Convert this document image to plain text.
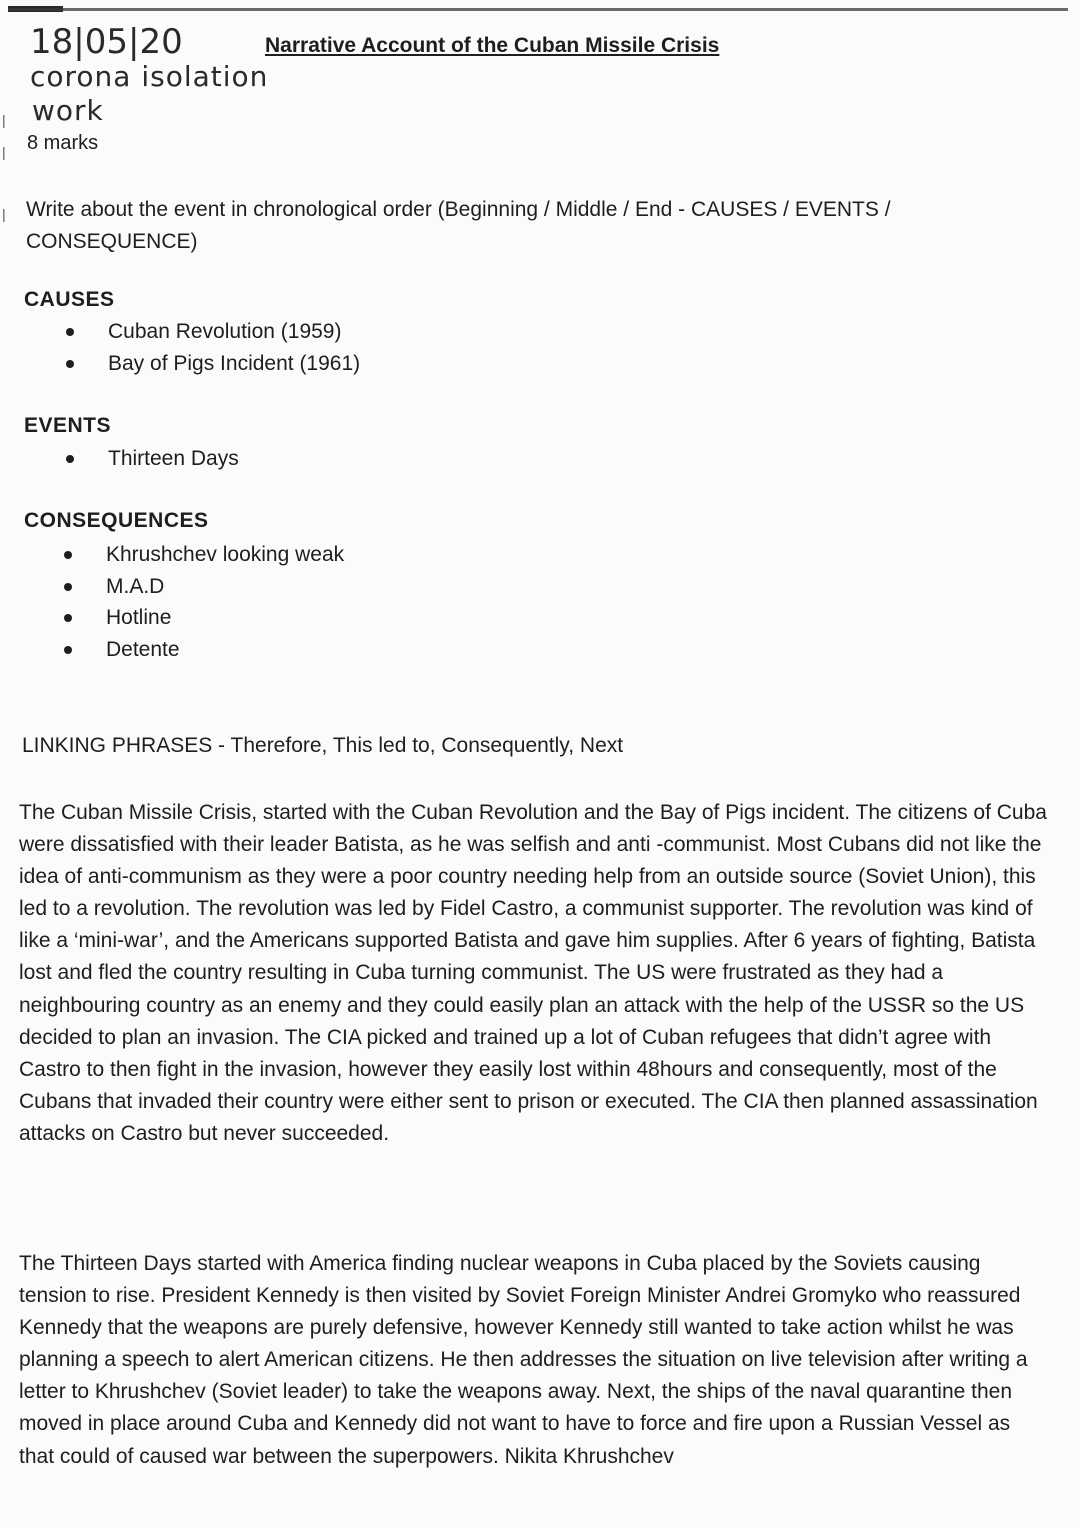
|
|
|
18|05|20
corona isolation
work
Narrative Account of the Cuban Missile Crisis
8 marks

Write about the event in chronological order (Beginning / Middle / End - CAUSES / EVENTS / CONSEQUENCE)

CAUSES
Cuban Revolution (1959)
Bay of Pigs Incident (1961)
EVENTS
Thirteen Days
CONSEQUENCES
Khrushchev looking weak
M.A.D
Hotline
Detente

LINKING PHRASES - Therefore, This led to, Consequently, Next

The Cuban Missile Crisis, started with the Cuban Revolution and the Bay of Pigs incident. The citizens of Cuba were dissatisfied with their leader Batista, as he was selfish and anti -communist. Most Cubans did not like the idea of anti-communism as they were a poor country needing help from an outside source (Soviet Union), this led to a revolution. The revolution was led by Fidel Castro, a communist supporter. The revolution was kind of like a ‘mini-war’, and the Americans supported Batista and gave him supplies. After 6 years of fighting, Batista lost and fled the country resulting in Cuba turning communist. The US were frustrated as they had a neighbouring country as an enemy and they could easily plan an attack with the help of the USSR so the US decided to plan an invasion. The CIA picked and trained up a lot of Cuban refugees that didn’t agree with Castro to then fight in the invasion, however they easily lost within 48hours and consequently, most of the Cubans that invaded their country were either sent to prison or executed. The CIA then planned assassination attacks on Castro but never succeeded.

The Thirteen Days started with America finding nuclear weapons in Cuba placed by the Soviets causing tension to rise. President Kennedy is then visited by Soviet Foreign Minister Andrei Gromyko who reassured Kennedy that the weapons are purely defensive, however Kennedy still wanted to take action whilst he was planning a speech to alert American citizens. He then addresses the situation on live television after writing a letter to Khrushchev (Soviet leader) to take the weapons away. Next, the ships of the naval quarantine then moved in place around Cuba and Kennedy did not want to have to force and fire upon a Russian Vessel as that could of caused war between the superpowers. Nikita Khrushchev
